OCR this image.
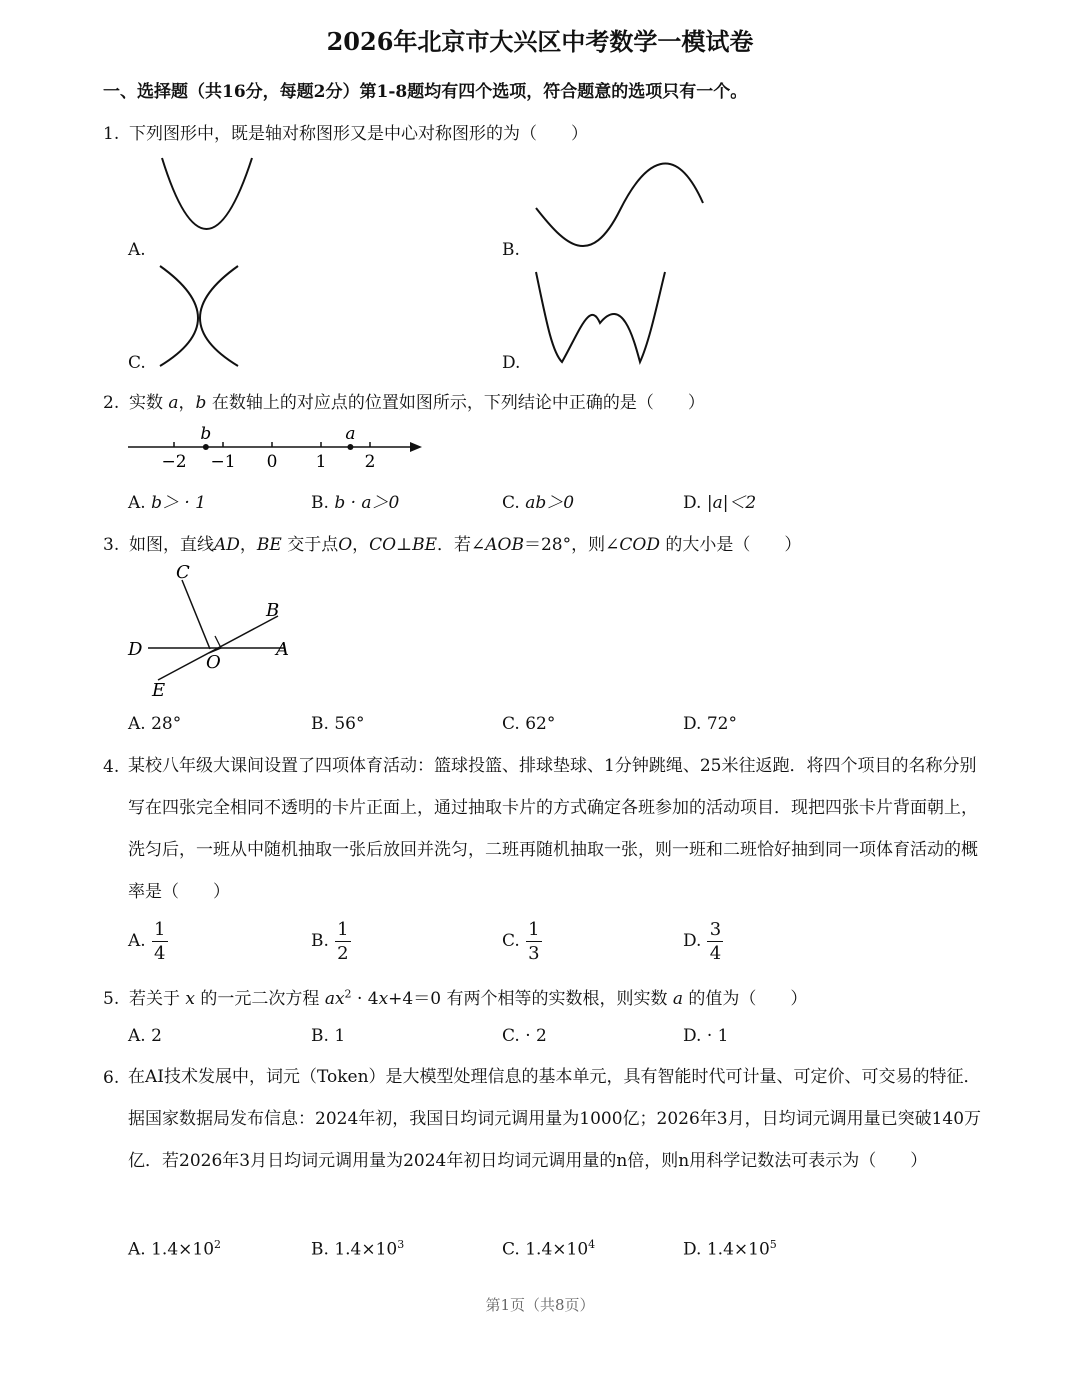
2026年北京市大兴区中考数学一模试卷
一、选择题（共16分，每题2分）第1-8题均有四个选项，符合题意的选项只有一个。
1. 下列图形中，既是轴对称图形又是中心对称图形的为（　　）
A.	B.
C.	D.
2. 实数 a，b 在数轴上的对应点的位置如图所示，下列结论中正确的是（　　）
−2 −1 0 1 2
b	a
A. b＞ · 1	B. b · a＞0	C. ab＞0	D. |a|＜2
3. 如图，直线AD，BE 交于点O，CO⊥BE．若∠AOB＝28°，则∠COD 的大小是（　　）
C
B
D
O
A
E
A. 28°	B. 56°	C. 62°	D. 72°
4. 某校八年级大课间设置了四项体育活动：篮球投篮、排球垫球、1分钟跳绳、25米往返跑．将四个项目的名称分别写在四张完全相同不透明的卡片正面上，通过抽取卡片的方式确定各班参加的活动项目．现把四张卡片背面朝上，洗匀后，一班从中随机抽取一张后放回并洗匀，二班再随机抽取一张，则一班和二班恰好抽到同一项体育活动的概率是（　　）
A. $\frac{1}{4}$	B. $\frac{1}{2}$	C. $\frac{1}{3}$	D. $\frac{3}{4}$
5. 若关于 x 的一元二次方程 $ax^2 \cdot 4x+4=0$ 有两个相等的实数根，则实数 a 的值为（　　）
A. 2	B. 1	C. · 2	D. · 1
6. 在AI技术发展中，词元（Token）是大模型处理信息的基本单元，具有智能时代可计量、可定价、可交易的特征．据国家数据局发布信息：2024年初，我国日均词元调用量为1000亿；2026年3月，日均词元调用量已突破140万亿．若2026年3月日均词元调用量为2024年初日均词元调用量的n倍，则n用科学记数法可表示为（　　）
A. $1.4\times 10^2$	B. $1.4\times 10^3$	C. $1.4\times 10^4$	D. $1.4\times 10^5$
第1页（共8页）
